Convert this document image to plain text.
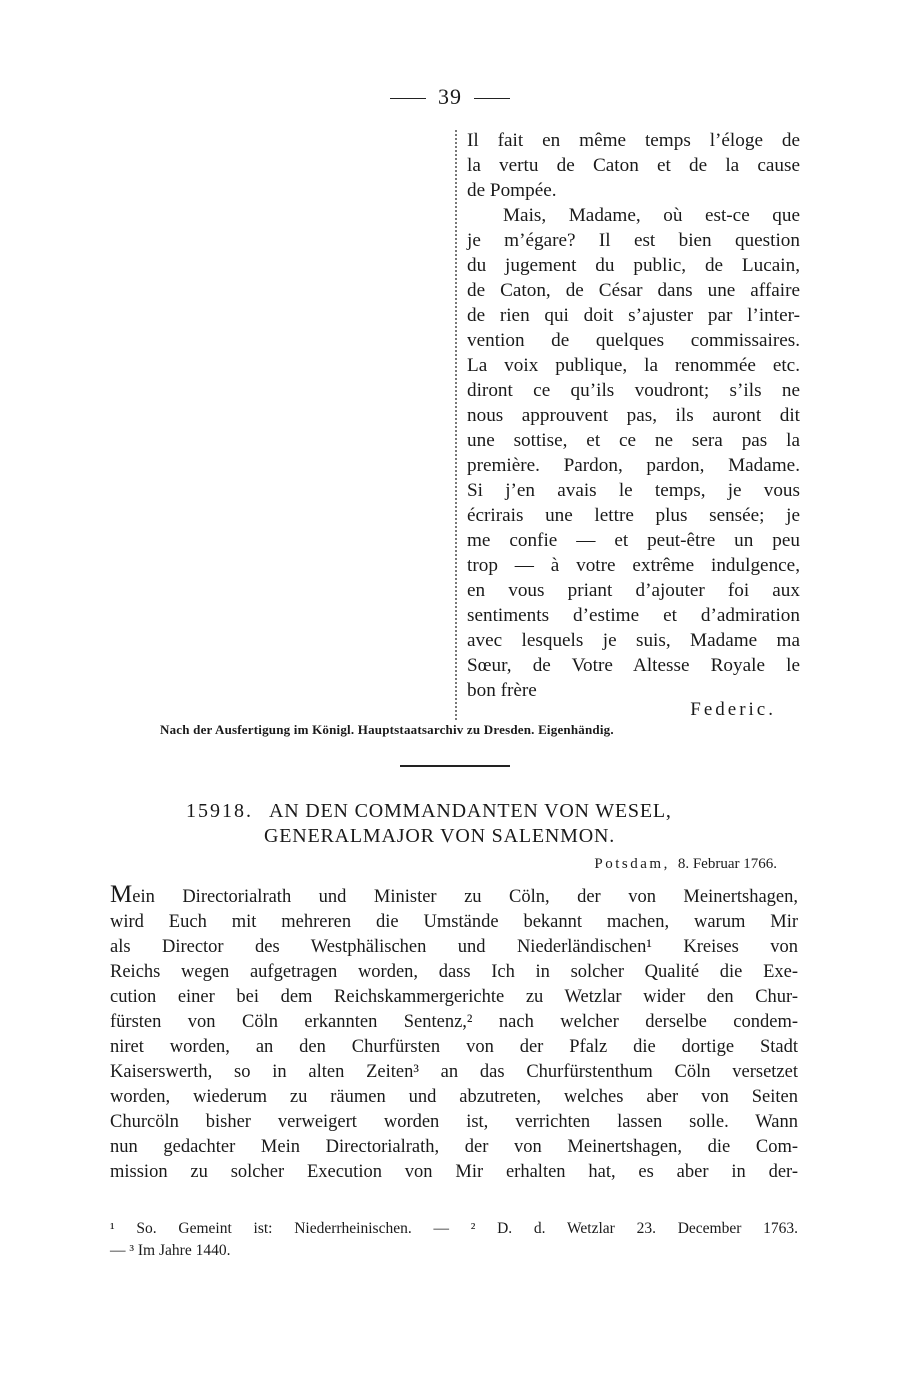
39

Il fait en même temps l’éloge de
la vertu de Caton et de la cause

de Pompée.

Mais, Madame, où est-ce que

je m’égare? Il est bien question

du jugement du public, de Lucain,

de Caton, de César dans une affaire

de rien qui doit s’ajuster par l’inter-

vention de quelques commissaires.

La voix publique, la renommée etc.

diront ce qu’ils voudront; s’ils ne

nous approuvent pas, ils auront dit

une sottise, et ce ne sera pas la

première. Pardon, pardon, Madame.

Si j’en avais le temps, je vous

écrirais une lettre plus sensée; je

me confie — et peut-être un peu

trop — à votre extrême indulgence,

en vous priant d’ajouter foi aux

sentiments d’estime et d’admiration

avec lesquels je suis, Madame ma

Sœur, de Votre Altesse Royale le

bon frère

Federic.
Nach der Ausfertigung im Königl. Hauptstaatsarchiv zu Dresden. Eigenhändig.
15918. AN DEN COMMANDANTEN VON WESEL,
GENERALMAJOR VON SALENMON.
Potsdam, 8. Februar 1766.
Mein Directorialrath und Minister zu Cöln, der von Meinertshagen,
wird Euch mit mehreren die Umstände bekannt machen, warum Mir
als Director des Westphälischen und Niederländischen¹ Kreises von
Reichs wegen aufgetragen worden, dass Ich in solcher Qualité die Exe-
cution einer bei dem Reichskammergerichte zu Wetzlar wider den Chur-
fürsten von Cöln erkannten Sentenz,² nach welcher derselbe condem-
niret worden, an den Churfürsten von der Pfalz die dortige Stadt
Kaiserswerth, so in alten Zeiten³ an das Churfürstenthum Cöln versetzet
worden, wiederum zu räumen und abzutreten, welches aber von Seiten
Churcöln bisher verweigert worden ist, verrichten lassen solle. Wann
nun gedachter Mein Directorialrath, der von Meinertshagen, die Com-
mission zu solcher Execution von Mir erhalten hat, es aber in der-
¹ So. Gemeint ist: Niederrheinischen. — ² D. d. Wetzlar 23. December 1763.
— ³ Im Jahre 1440.
